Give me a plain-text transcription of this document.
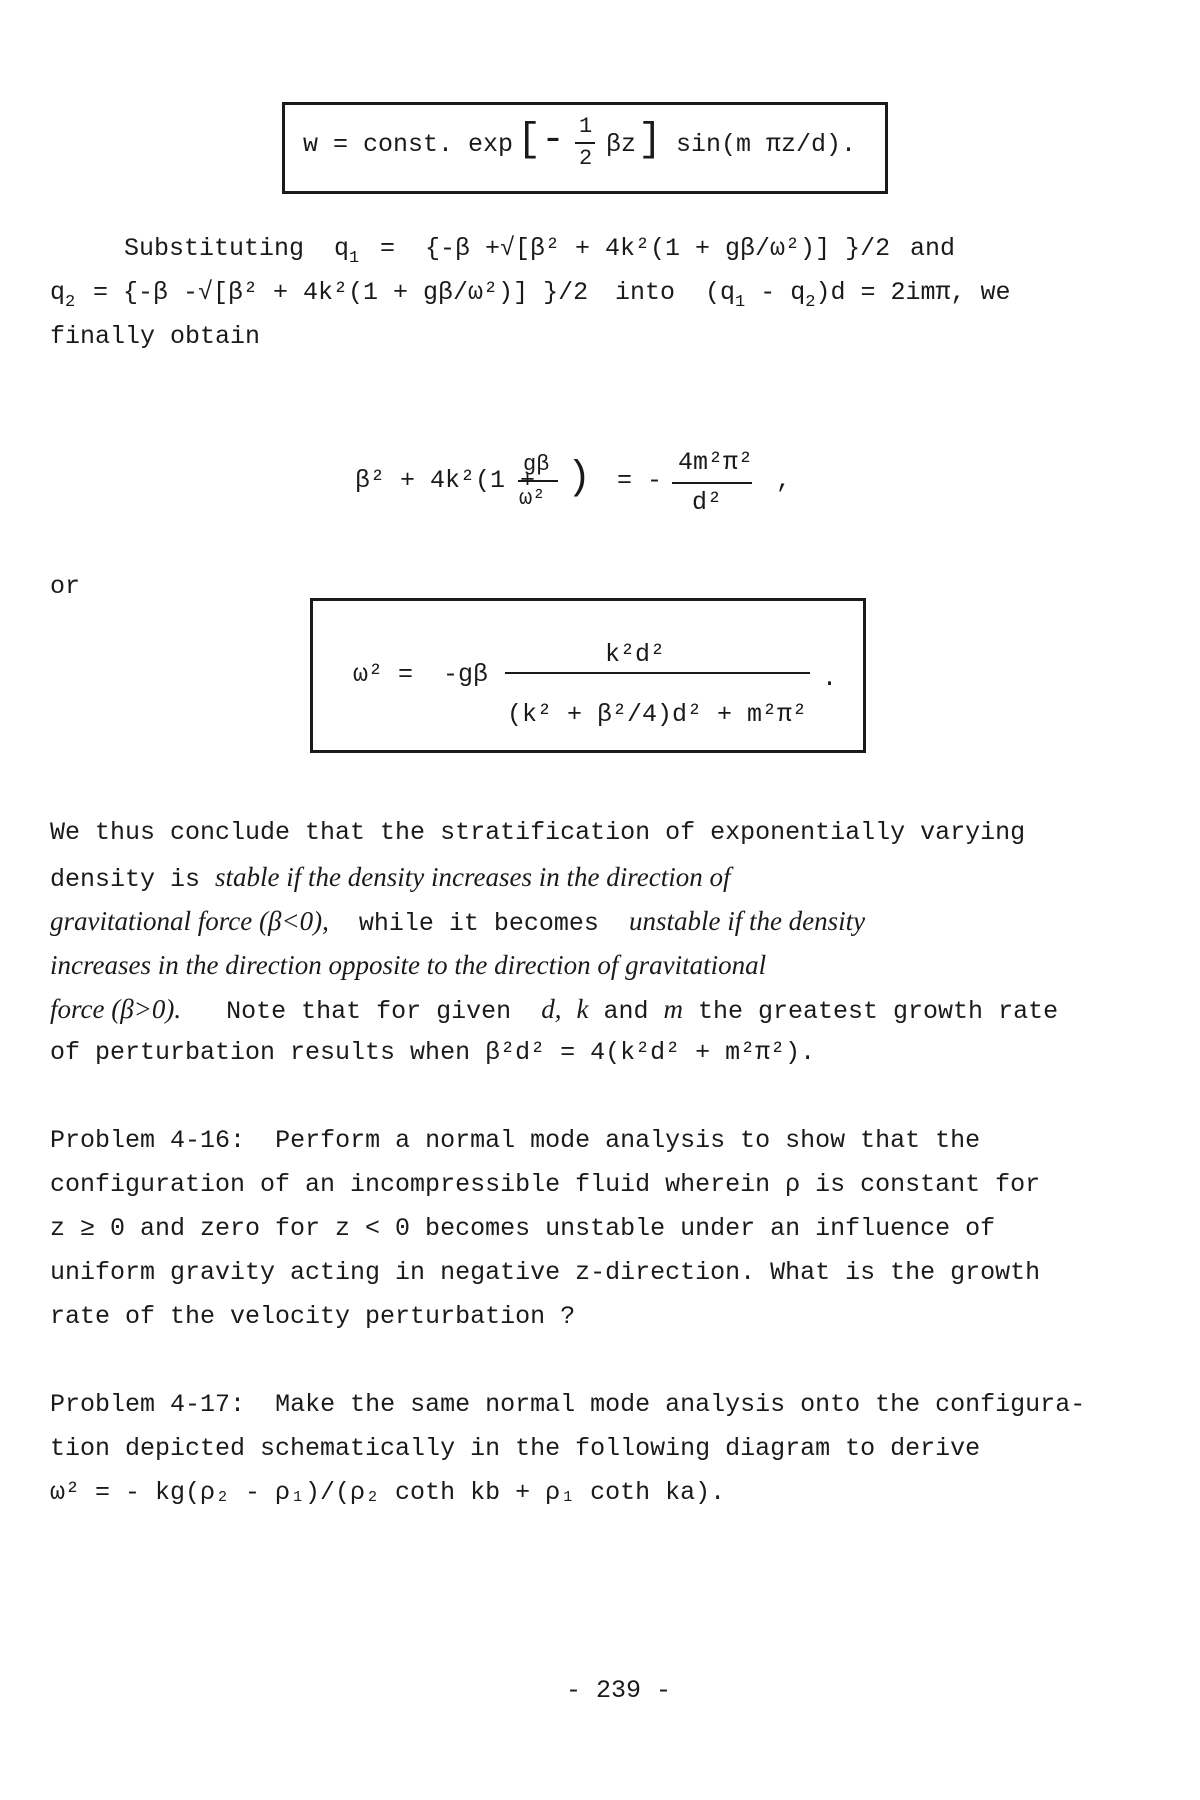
w = const. exp [- 1
2 βz ] sin(m πz/d).
Substituting $q_1 = \{-\beta +√[\beta^2 + 4k^2(1 + g\beta/\omega^2)]$ }/2 and
$q_2 = \{-\beta$ -√[β² + 4k²(1 + gβ/ω²)] }/2 into $(q_1 - q_2)d = 2im\pi$, we
finally obtain
β² + 4k²(1 +
gβ
ω² ) = -
4m²π²
d²
,
or
ω² = -gβ
k²d²
(k² + β²/4)d² + m²π²
.
We thus conclude that the stratification of exponentially varying
density is stable if the density increases in the direction of
gravitational force (β<0), while it becomes unstable if the density
increases in the direction opposite to the direction of gravitational
force (β>0). Note that for given d, k and m the greatest growth rate
of perturbation results when β²d² = 4(k²d² + m²π²).
Problem 4-16: Perform a normal mode analysis to show that the
configuration of an incompressible fluid wherein ρ is constant for
z ≥ 0 and zero for z < 0 becomes unstable under an influence of
uniform gravity acting in negative z-direction. What is the growth
rate of the velocity perturbation ?
Problem 4-17: Make the same normal mode analysis onto the configura-
tion depicted schematically in the following diagram to derive
ω² = - kg(ρ₂ - ρ₁)/(ρ₂ coth kb + ρ₁ coth ka).
- 239 -
